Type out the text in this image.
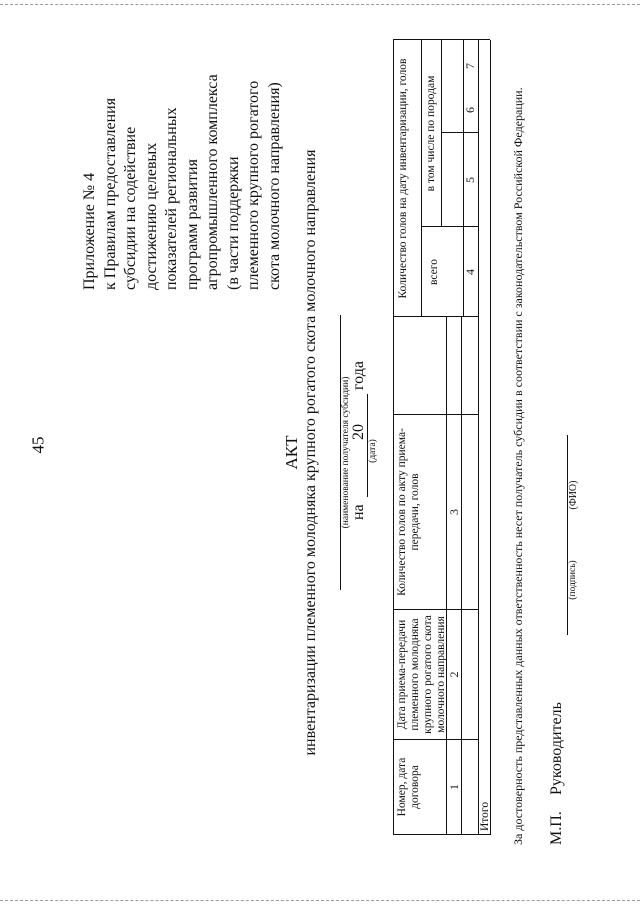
45
Приложение № 4 к Правилам предоставления субсидии на содействие достижению целевых показателей региональных программ развития агропромышленного комплекса (в части поддержки племенного крупного рогатого скота молочного направления)
АКТ инвентаризации племенного молодняка крупного рогатого скота молочного направления (наименование получателя субсидии) на
(дата)
20
года
Номер, дата договора
Дата приема-передачи племенного молодняка крупного рогатого скота молочного направления
Количество голов по акту приема-передачи, голов
Количество голов на дату инвентаризации, голов всего
в том числе по породам
1
2
3
4
5
6
7
Итого За достоверность представленных данных ответственность несет получатель субсидии в соответствии с законодательством Российской Федерации. М.П.
Руководитель
(подпись)
(ФИО)
